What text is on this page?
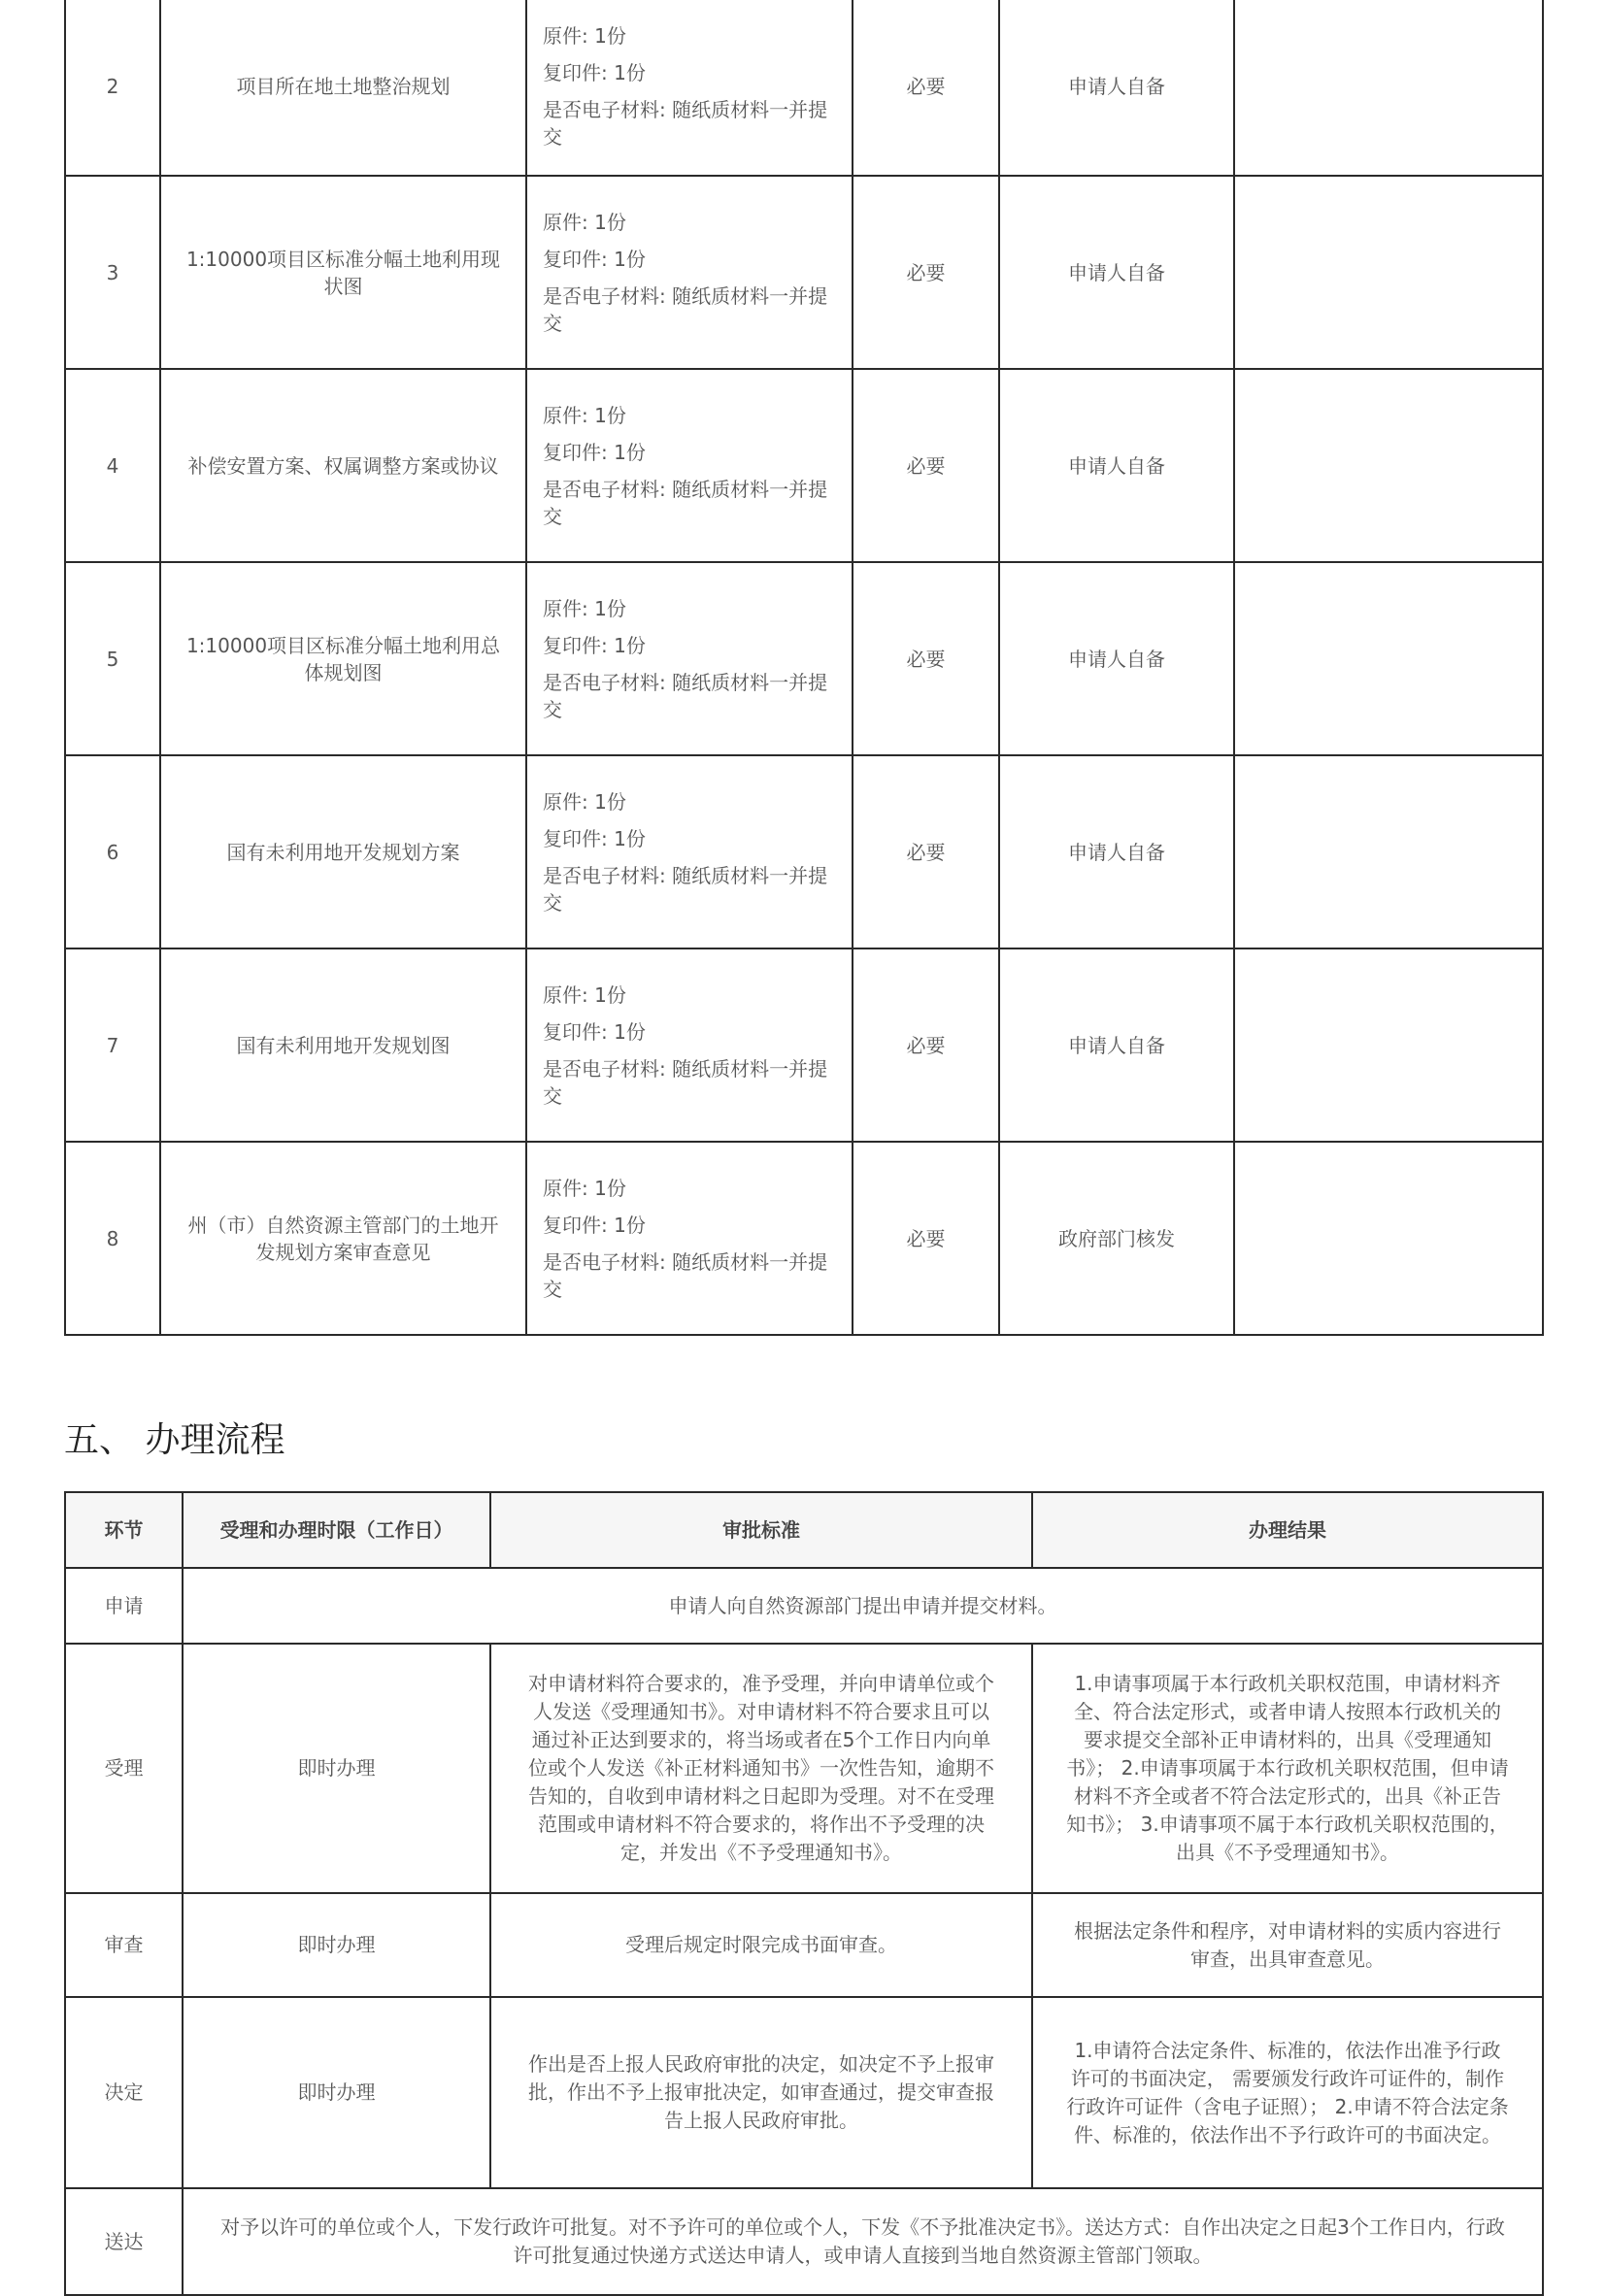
2	项目所在地土地整治规划	原件: 1份
复印件: 1份
是否电子材料: 随纸质材料一并提交	必要	申请人自备	
3	1:10000项目区标准分幅土地利用现状图	原件: 1份
复印件: 1份
是否电子材料: 随纸质材料一并提交	必要	申请人自备	
4	补偿安置方案、权属调整方案或协议	原件: 1份
复印件: 1份
是否电子材料: 随纸质材料一并提交	必要	申请人自备	
5	1:10000项目区标准分幅土地利用总体规划图	原件: 1份
复印件: 1份
是否电子材料: 随纸质材料一并提交	必要	申请人自备	
6	国有未利用地开发规划方案	原件: 1份
复印件: 1份
是否电子材料: 随纸质材料一并提交	必要	申请人自备	
7	国有未利用地开发规划图	原件: 1份
复印件: 1份
是否电子材料: 随纸质材料一并提交	必要	申请人自备	
8	州（市）自然资源主管部门的土地开发规划方案审查意见	原件: 1份
复印件: 1份
是否电子材料: 随纸质材料一并提交	必要	政府部门核发	
五、 办理流程
环节	受理和办理时限（工作日）	审批标准	办理结果
申请	申请人向自然资源部门提出申请并提交材料。		
受理	即时办理	对申请材料符合要求的，准予受理，并向申请单位或个人发送《受理通知书》。对申请材料不符合要求且可以通过补正达到要求的，将当场或者在5个工作日内向单位或个人发送《补正材料通知书》一次性告知，逾期不告知的，自收到申请材料之日起即为受理。对不在受理范围或申请材料不符合要求的，将作出不予受理的决定，并发出《不予受理通知书》。	1.申请事项属于本行政机关职权范围，申请材料齐全、符合法定形式，或者申请人按照本行政机关的要求提交全部补正申请材料的，出具《受理通知书》； 2.申请事项属于本行政机关职权范围，但申请材料不齐全或者不符合法定形式的，出具《补正告知书》； 3.申请事项不属于本行政机关职权范围的，出具《不予受理通知书》。
审查	即时办理	受理后规定时限完成书面审查。	根据法定条件和程序，对申请材料的实质内容进行审查，出具审查意见。
决定	即时办理	作出是否上报人民政府审批的决定，如决定不予上报审批，作出不予上报审批决定，如审查通过，提交审查报告上报人民政府审批。	1.申请符合法定条件、标准的，依法作出准予行政许可的书面决定， 需要颁发行政许可证件的，制作行政许可证件（含电子证照）； 2.申请不符合法定条件、标准的，依法作出不予行政许可的书面决定。
送达	对予以许可的单位或个人，下发行政许可批复。对不予许可的单位或个人，下发《不予批准决定书》。送达方式：自作出决定之日起3个工作日内，行政许可批复通过快递方式送达申请人，或申请人直接到当地自然资源主管部门领取。		
